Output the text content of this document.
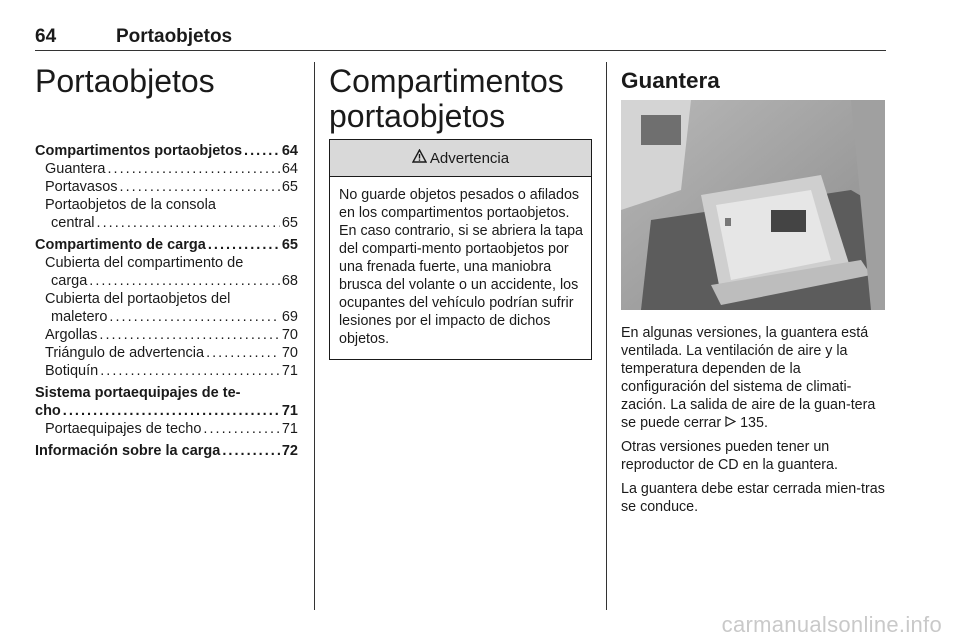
64	Portaobjetos
Portaobjetos
Compartimentos portaobjetos . . .	64
Guantera . . .	64
Portavasos . . .	65
Portaobjetos de la consola
central . . .	65
Compartimento de carga . . .	65
Cubierta del compartimento de
carga . . .	68
Cubierta del portaobjetos del
maletero . . .	69
Argollas . . .	70
Triángulo de advertencia . . .	70
Botiquín . . .	71
Sistema portaequipajes de te-
cho . . .	71
Portaequipajes de techo . . .	71
Información sobre la carga . . .	72
Compartimentos
portaobjetos
Advertencia
No guarde objetos pesados o afilados en los compartimentos portaobjetos. En caso contrario, si se abriera la tapa del comparti-mento portaobjetos por una frenada fuerte, una maniobra brusca del volante o un accidente, los ocupantes del vehículo podrían sufrir lesiones por el impacto de dichos objetos.
Guantera

En algunas versiones, la guantera está ventilada. La ventilación de aire y la temperatura dependen de la configuración del sistema de climati-zación. La salida de aire de la guan-tera se puede cerrar 135.

Otras versiones pueden tener un reproductor de CD en la guantera.

La guantera debe estar cerrada mien-tras se conduce.

carmanualsonline.info
